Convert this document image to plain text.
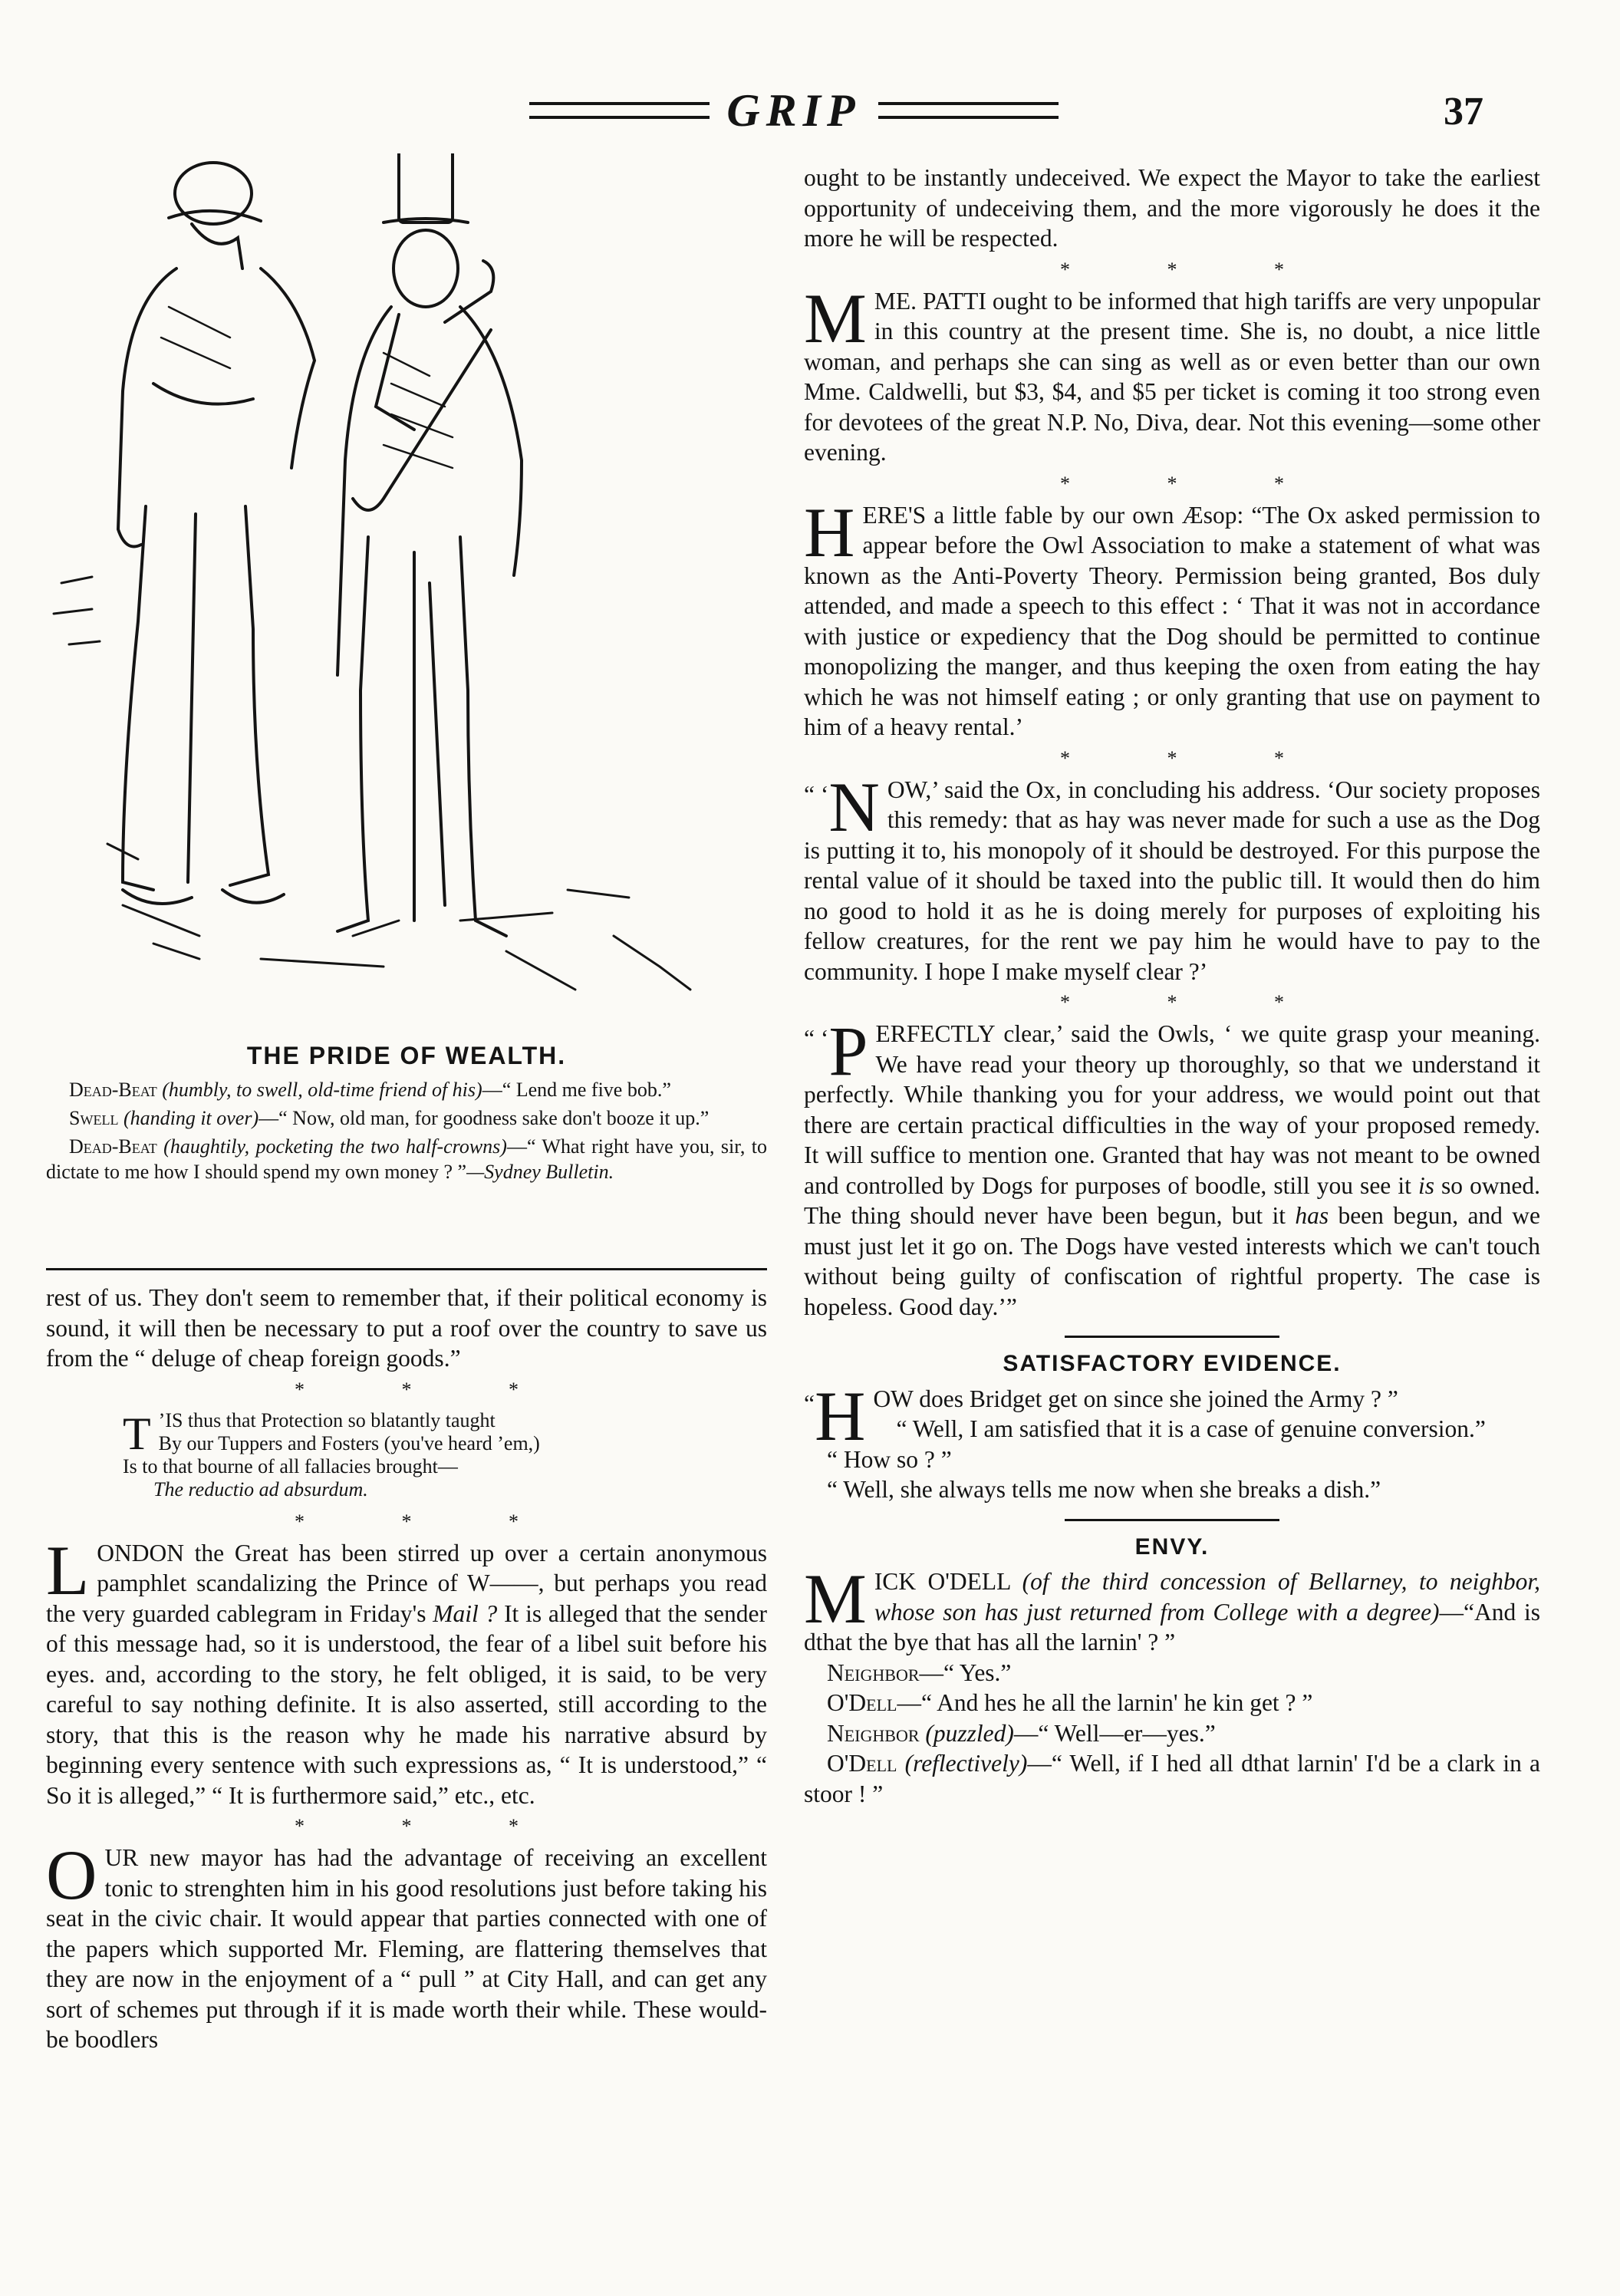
GRIP	37
THE PRIDE OF WEALTH.

Dead-Beat (humbly, to swell, old-time friend of his)—“ Lend me five bob.”

Swell (handing it over)—“ Now, old man, for goodness sake don't booze it up.”

Dead-Beat (haughtily, pocketing the two half-crowns)—“ What right have you, sir, to dictate to me how I should spend my own money ? ”—Sydney Bulletin.

rest of us. They don't seem to remember that, if their political economy is sound, it will then be necessary to put a roof over the country to save us from the “ deluge of cheap foreign goods.”

* * *
T ’IS thus that Protection so blatantly taught
By our Tuppers and Fosters (you've heard ’em,)
Is to that bourne of all fallacies brought—
The reductio ad absurdum.
* * *

LONDON the Great has been stirred up over a certain anonymous pamphlet scandalizing the Prince of W——, but perhaps you read the very guarded cablegram in Friday's Mail ? It is alleged that the sender of this message had, so it is understood, the fear of a libel suit before his eyes. and, according to the story, he felt obliged, it is said, to be very careful to say nothing definite. It is also asserted, still according to the story, that this is the reason why he made his narrative absurd by beginning every sentence with such expressions as, “ It is understood,” “ So it is alleged,” “ It is furthermore said,” etc., etc.

* * *

OUR new mayor has had the advantage of receiving an excellent tonic to strenghten him in his good resolutions just before taking his seat in the civic chair. It would appear that parties connected with one of the papers which supported Mr. Fleming, are flattering themselves that they are now in the enjoyment of a “ pull ” at City Hall, and can get any sort of schemes put through if it is made worth their while. These would-be boodlers

ought to be instantly undeceived. We expect the Mayor to take the earliest opportunity of undeceiving them, and the more vigorously he does it the more he will be respected.

* * *

MME. PATTI ought to be informed that high tariffs are very unpopular in this country at the present time. She is, no doubt, a nice little woman, and perhaps she can sing as well as or even better than our own Mme. Caldwelli, but $3, $4, and $5 per ticket is coming it too strong even for devotees of the great N.P. No, Diva, dear. Not this evening—some other evening.

* * *

HERE'S a little fable by our own Æsop: “The Ox asked permission to appear before the Owl Association to make a statement of what was known as the Anti-Poverty Theory. Permission being granted, Bos duly attended, and made a speech to this effect : ‘ That it was not in accordance with justice or expediency that the Dog should be permitted to continue monopolizing the manger, and thus keeping the oxen from eating the hay which he was not himself eating ; or only granting that use on payment to him of a heavy rental.’

* * *

“ ‘ N OW,’ said the Ox, in concluding his address. ‘Our society proposes this remedy: that as hay was never made for such a use as the Dog is putting it to, his monopoly of it should be destroyed. For this purpose the rental value of it should be taxed into the public till. It would then do him no good to hold it as he is doing merely for purposes of exploiting his fellow creatures, for the rent we pay him he would have to pay to the community. I hope I make myself clear ?’

* * *

“ ‘ P ERFECTLY clear,’ said the Owls, ‘ we quite grasp your meaning. We have read your theory up thoroughly, so that we understand it perfectly. While thanking you for your address, we would point out that there are certain practical difficulties in the way of your proposed remedy. It will suffice to mention one. Granted that hay was not meant to be owned and controlled by Dogs for purposes of boodle, still you see it is so owned. The thing should never have been begun, but it has been begun, and we must just let it go on. The Dogs have vested interests which we can't touch without being guilty of confiscation of rightful property. The case is hopeless. Good day.’”

SATISFACTORY EVIDENCE.

“ H OW does Bridget get on since she joined the Army ? ”

“ Well, I am satisfied that it is a case of genuine conversion.”

“ How so ? ”

“ Well, she always tells me now when she breaks a dish.”

ENVY.

MICK O'DELL (of the third concession of Bellarney, to neighbor, whose son has just returned from College with a degree)—“And is dthat the bye that has all the larnin' ? ”

Neighbor—“ Yes.”

O'Dell—“ And hes he all the larnin' he kin get ? ”

Neighbor (puzzled)—“ Well—er—yes.”

O'Dell (reflectively)—“ Well, if I hed all dthat larnin' I'd be a clark in a stoor ! ”
